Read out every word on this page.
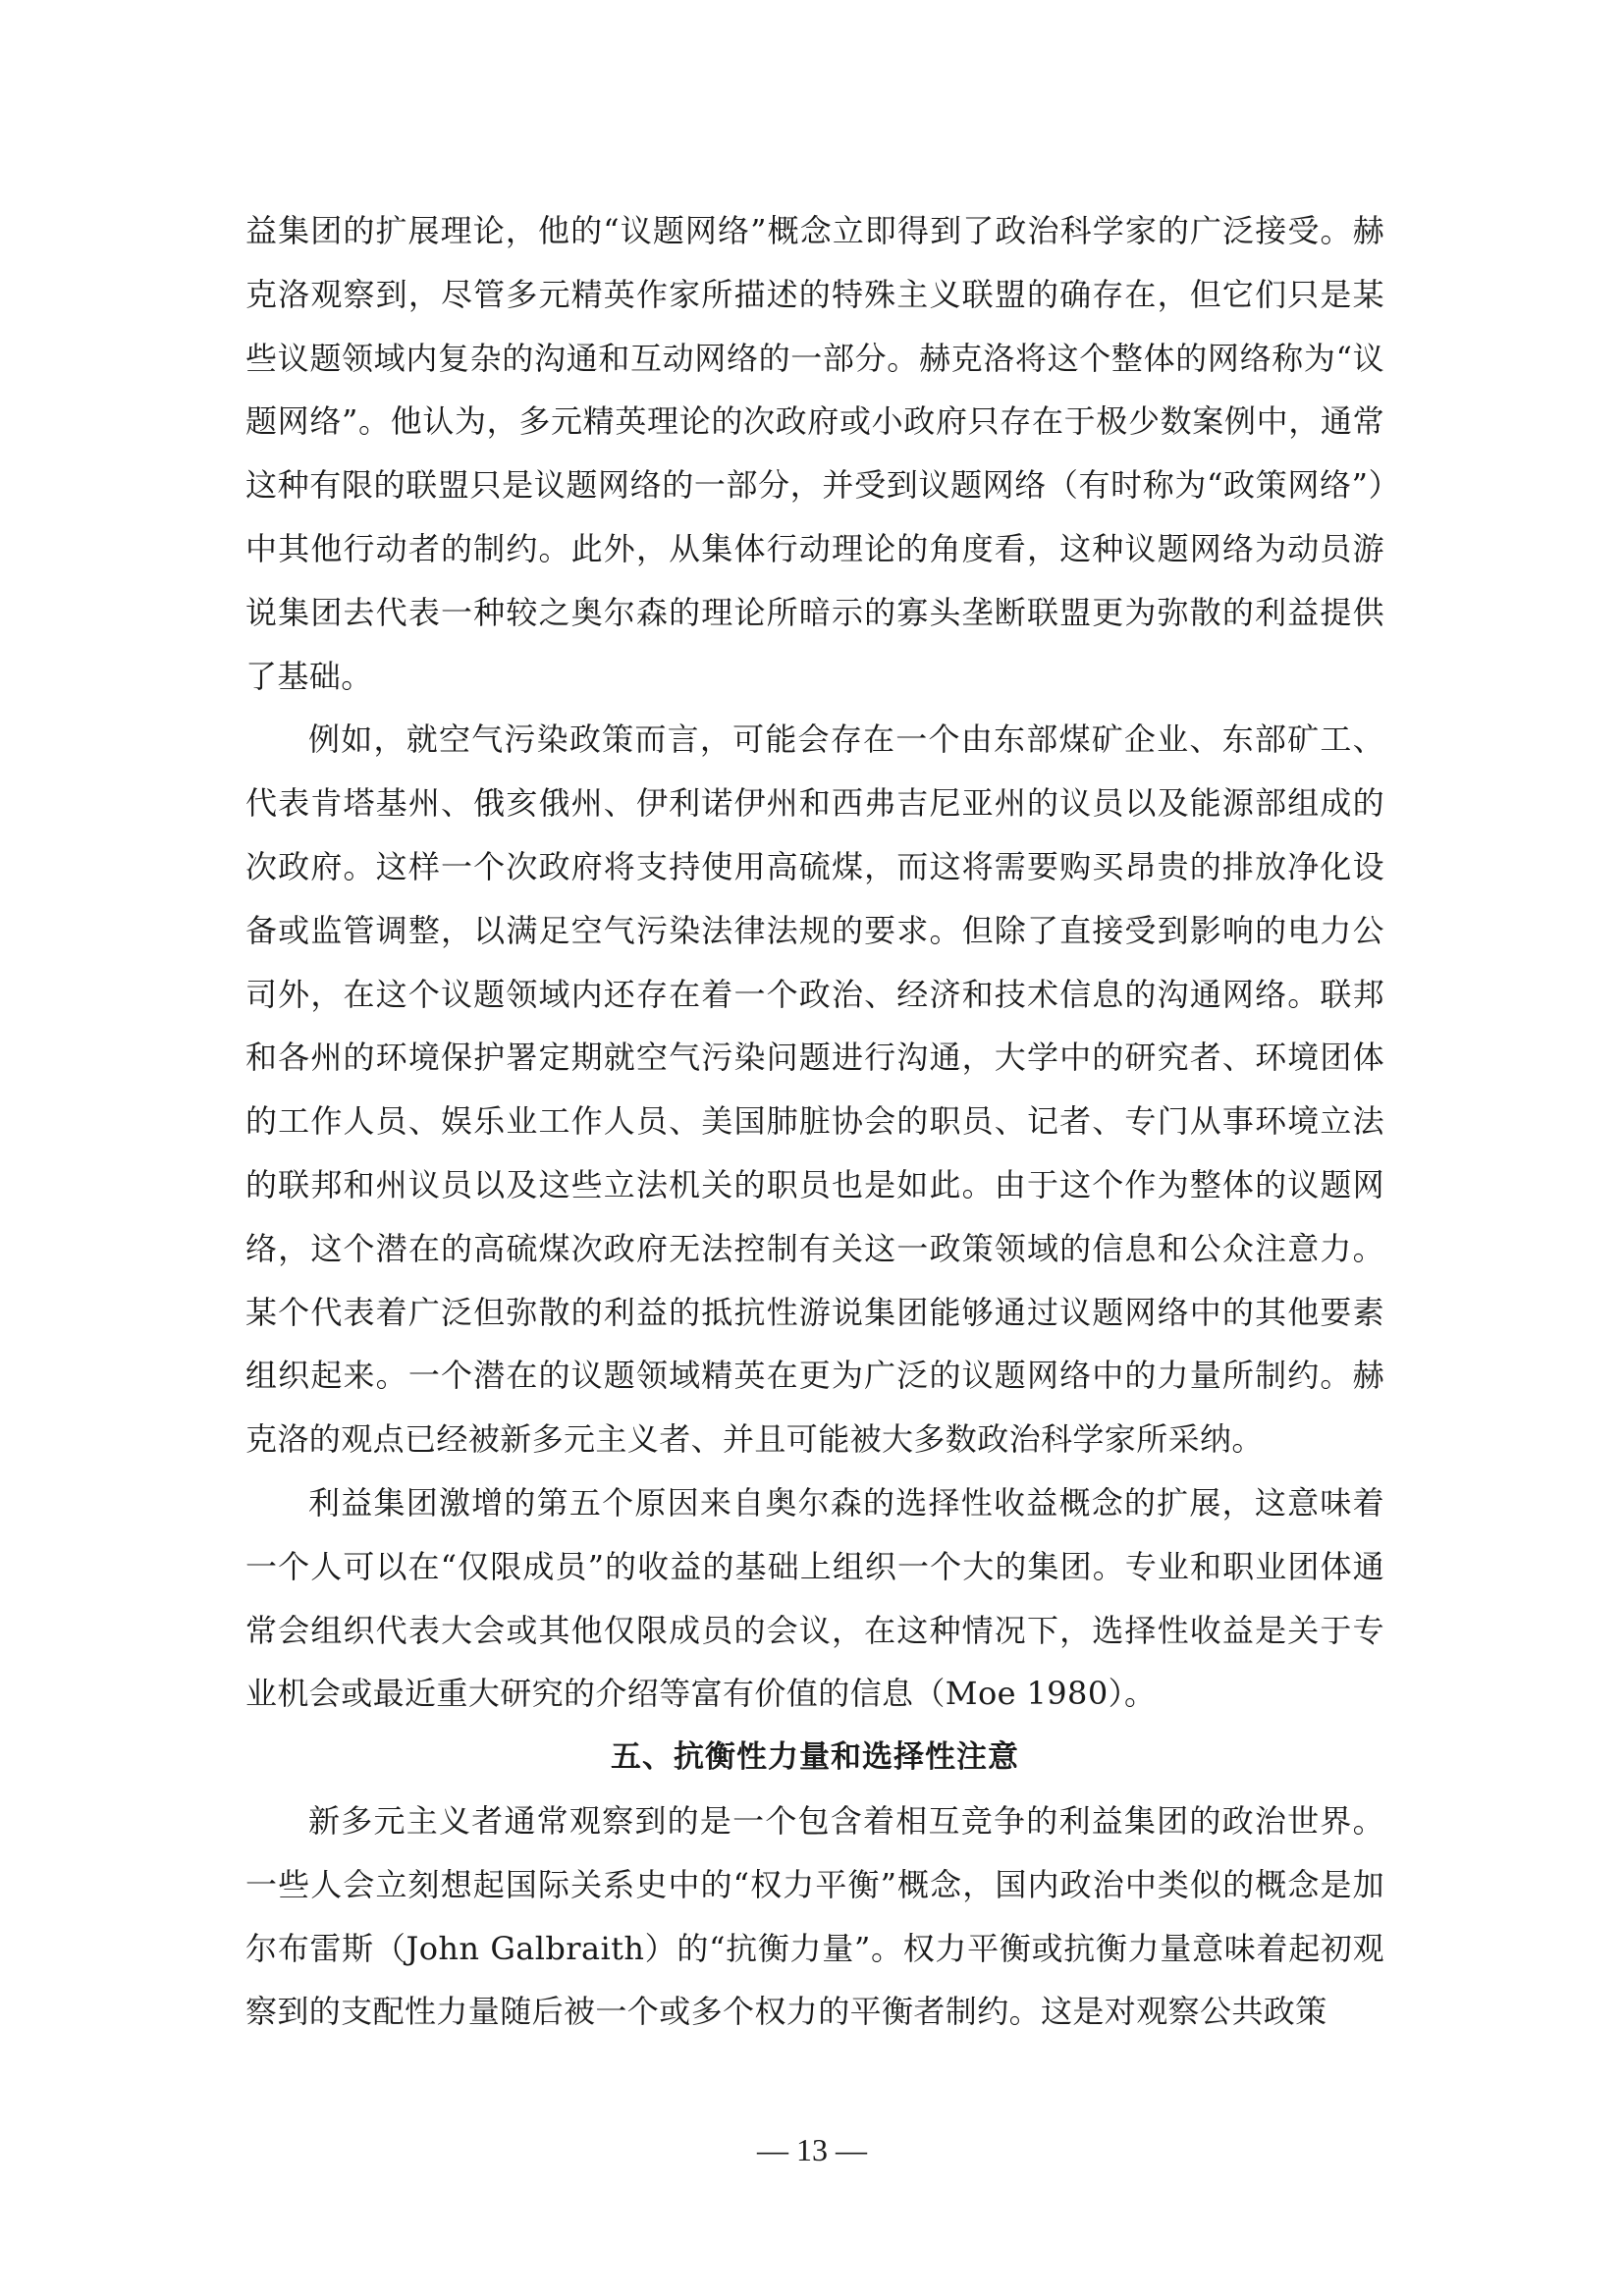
益集团的扩展理论，他的“议题网络”概念立即得到了政治科学家的广泛接受。赫克洛观察到，尽管多元精英作家所描述的特殊主义联盟的确存在，但它们只是某些议题领域内复杂的沟通和互动网络的一部分。赫克洛将这个整体的网络称为“议题网络”。他认为，多元精英理论的次政府或小政府只存在于极少数案例中，通常这种有限的联盟只是议题网络的一部分，并受到议题网络（有时称为“政策网络”）中其他行动者的制约。此外，从集体行动理论的角度看，这种议题网络为动员游说集团去代表一种较之奥尔森的理论所暗示的寡头垄断联盟更为弥散的利益提供了基础。

例如，就空气污染政策而言，可能会存在一个由东部煤矿企业、东部矿工、代表肯塔基州、俄亥俄州、伊利诺伊州和西弗吉尼亚州的议员以及能源部组成的次政府。这样一个次政府将支持使用高硫煤，而这将需要购买昂贵的排放净化设备或监管调整，以满足空气污染法律法规的要求。但除了直接受到影响的电力公司外，在这个议题领域内还存在着一个政治、经济和技术信息的沟通网络。联邦和各州的环境保护署定期就空气污染问题进行沟通，大学中的研究者、环境团体的工作人员、娱乐业工作人员、美国肺脏协会的职员、记者、专门从事环境立法的联邦和州议员以及这些立法机关的职员也是如此。由于这个作为整体的议题网络，这个潜在的高硫煤次政府无法控制有关这一政策领域的信息和公众注意力。某个代表着广泛但弥散的利益的抵抗性游说集团能够通过议题网络中的其他要素组织起来。一个潜在的议题领域精英在更为广泛的议题网络中的力量所制约。赫克洛的观点已经被新多元主义者、并且可能被大多数政治科学家所采纳。

利益集团激增的第五个原因来自奥尔森的选择性收益概念的扩展，这意味着一个人可以在“仅限成员”的收益的基础上组织一个大的集团。专业和职业团体通常会组织代表大会或其他仅限成员的会议，在这种情况下，选择性收益是关于专业机会或最近重大研究的介绍等富有价值的信息（Moe 1980）。

五、抗衡性力量和选择性注意

新多元主义者通常观察到的是一个包含着相互竞争的利益集团的政治世界。一些人会立刻想起国际关系史中的“权力平衡”概念，国内政治中类似的概念是加尔布雷斯（John Galbraith）的“抗衡力量”。权力平衡或抗衡力量意味着起初观察到的支配性力量随后被一个或多个权力的平衡者制约。这是对观察公共政策

— 13 —
